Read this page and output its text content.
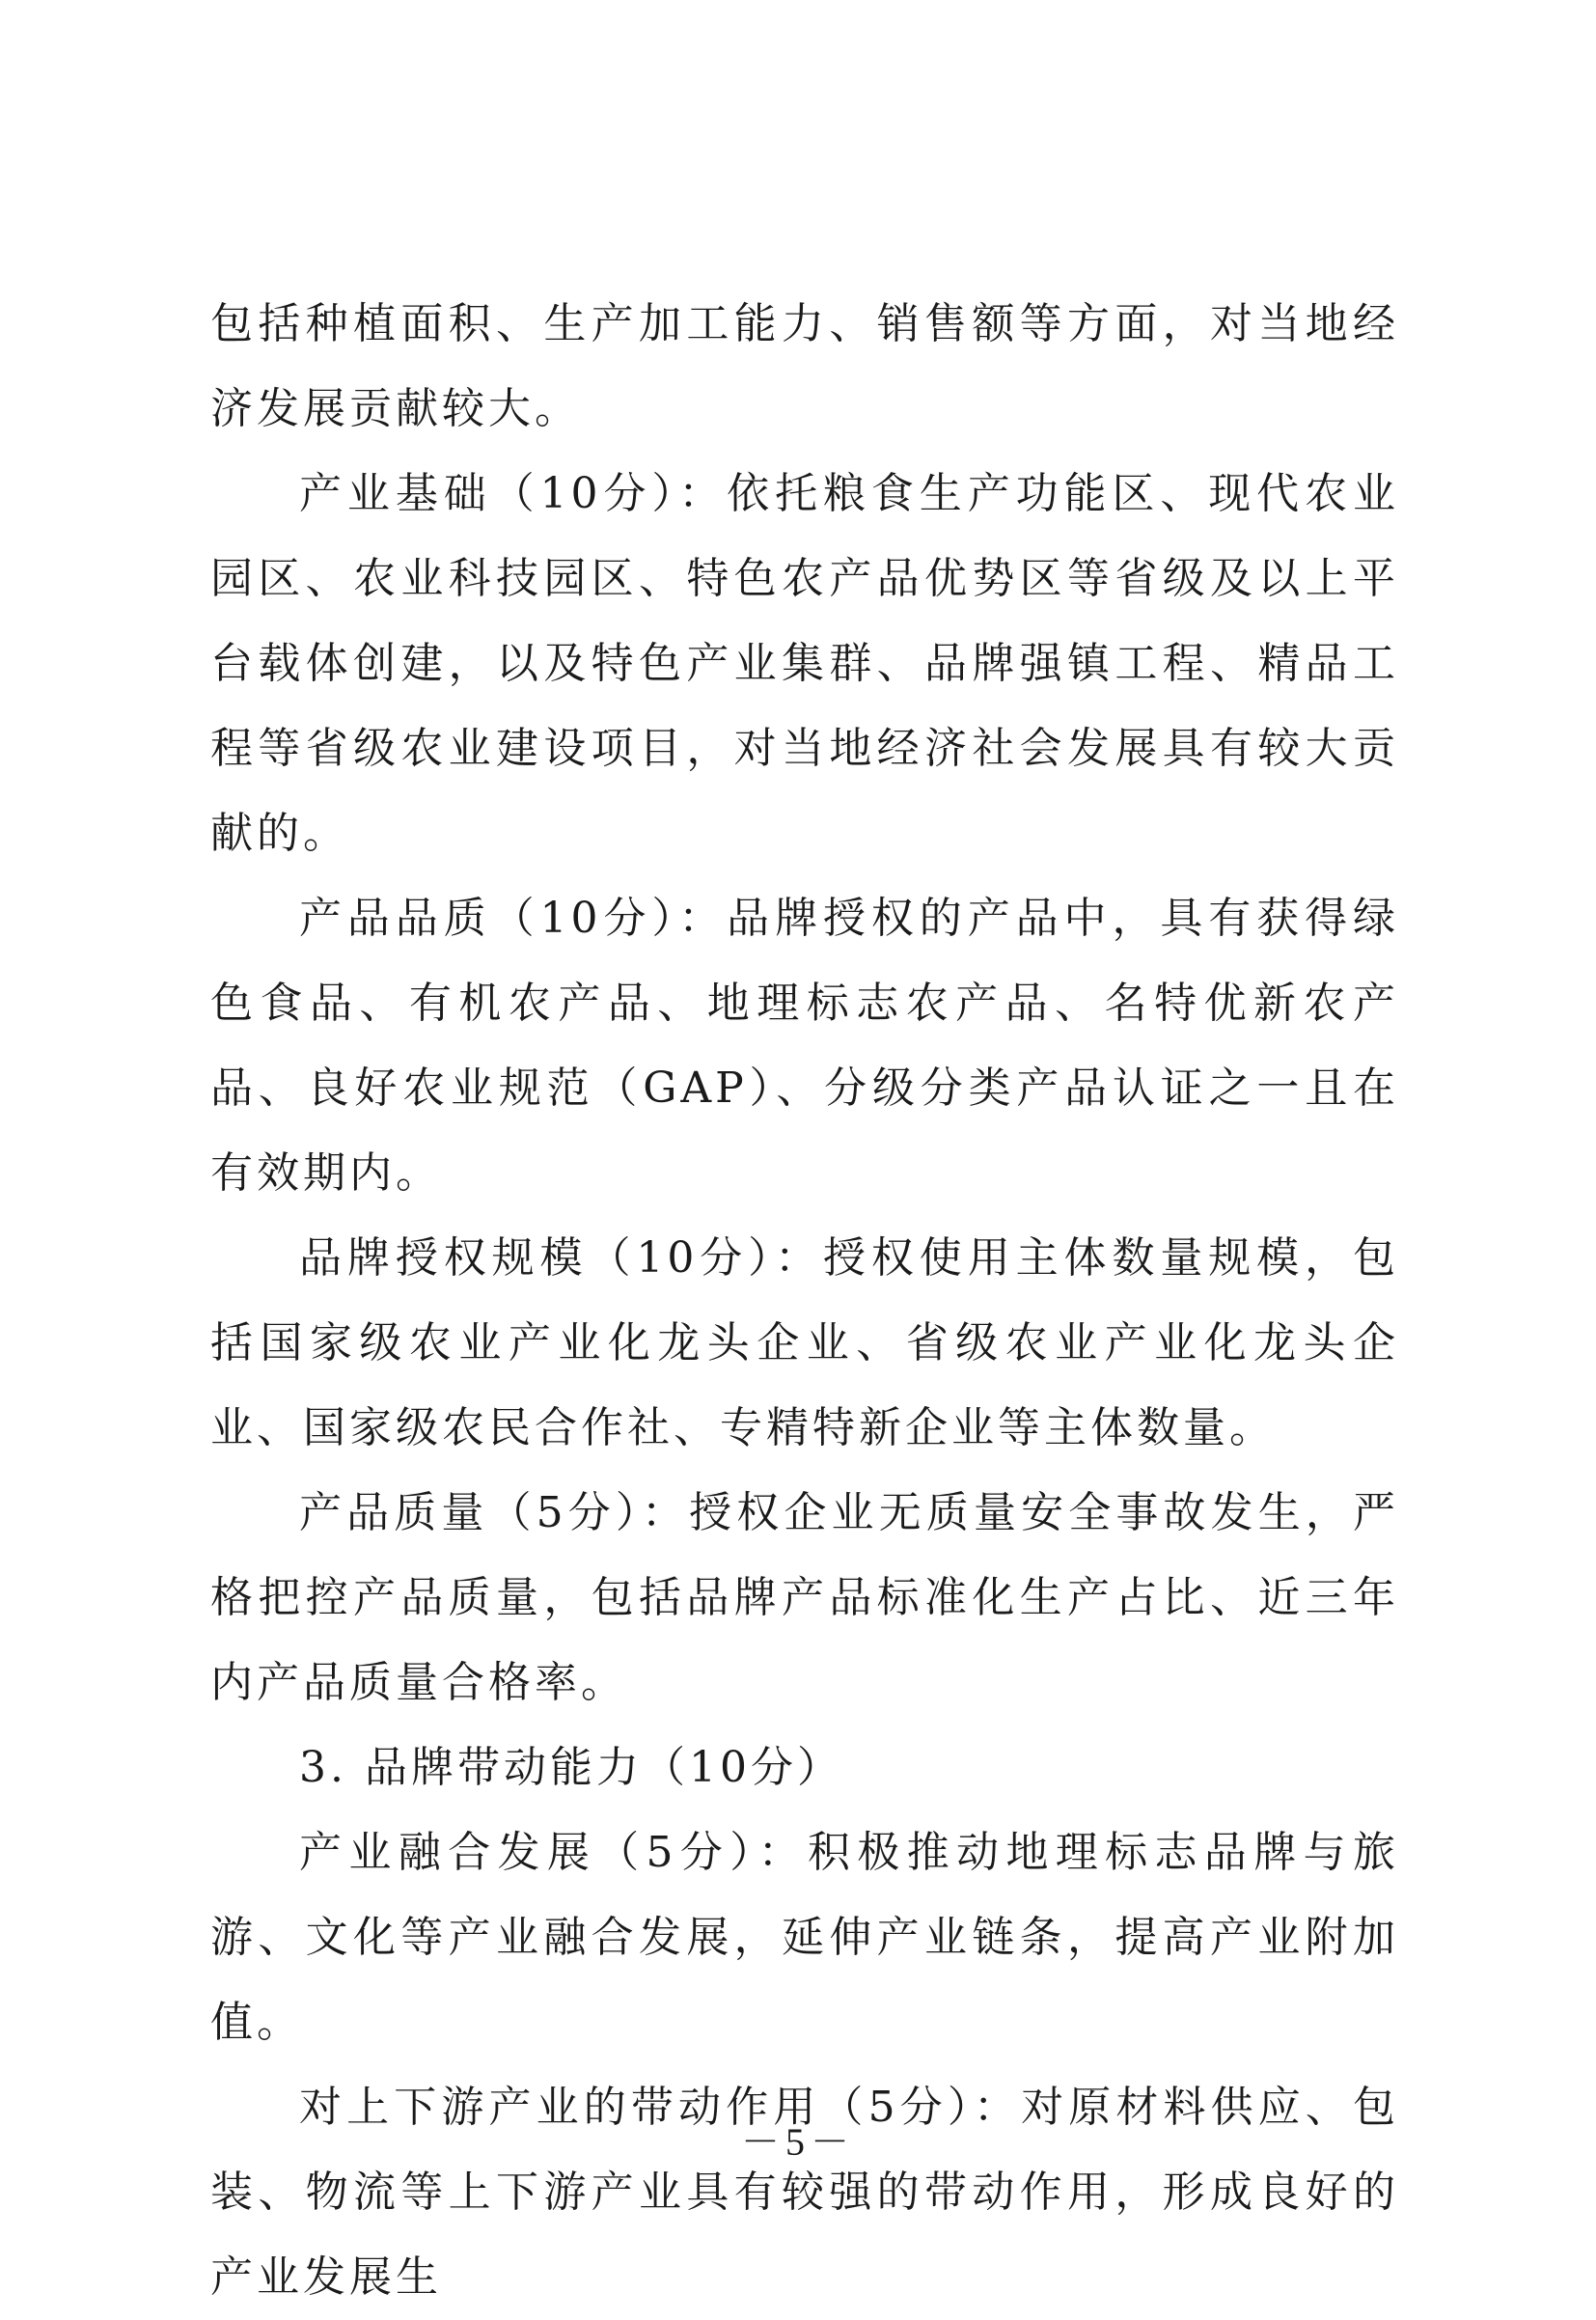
包括种植面积、生产加工能力、销售额等方面，对当地经济发展贡献较大。

产业基础（10分）：依托粮食生产功能区、现代农业园区、农业科技园区、特色农产品优势区等省级及以上平台载体创建，以及特色产业集群、品牌强镇工程、精品工程等省级农业建设项目，对当地经济社会发展具有较大贡献的。

产品品质（10分）：品牌授权的产品中，具有获得绿色食品、有机农产品、地理标志农产品、名特优新农产品、良好农业规范（GAP）、分级分类产品认证之一且在有效期内。

品牌授权规模（10分）：授权使用主体数量规模，包括国家级农业产业化龙头企业、省级农业产业化龙头企业、国家级农民合作社、专精特新企业等主体数量。

产品质量（5分）：授权企业无质量安全事故发生，严格把控产品质量，包括品牌产品标准化生产占比、近三年内产品质量合格率。

3. 品牌带动能力（10分）

产业融合发展（5分）：积极推动地理标志品牌与旅游、文化等产业融合发展，延伸产业链条，提高产业附加值。

对上下游产业的带动作用（5分）：对原材料供应、包装、物流等上下游产业具有较强的带动作用，形成良好的产业发展生

－5－
